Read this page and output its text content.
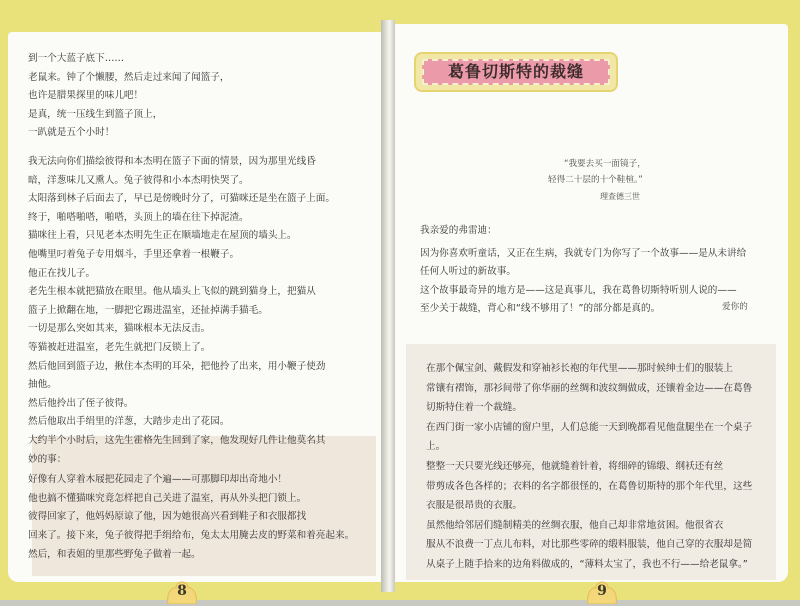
到一个大蓝子底下……
老鼠来。钟了个懒腰，然后走过来闻了闻篮子，
也许是腊果探里的味儿吧！
是真，统一压线生到篮子顶上，
一趴就是五个小时！
我无法向你们描绘彼得和本杰明在篮子下面的情景，因为那里光线昏
暗，洋葱味儿又熏人。兔子彼得和小本杰明快哭了。
太阳落到林子后面去了，早已是傍晚时分了，可猫咪还是坐在篮子上面。
终于，啪嗒啪嗒，啪嗒，头顶上的墙在往下掉泥渣。
猫咪往上看，只见老本杰明先生正在顺墙地走在屋顶的墙头上。
他嘴里叼着兔子专用烟斗，手里还拿着一根鞭子。
他正在找儿子。
老先生根本就把猫放在眼里。他从墙头上飞似的跳到猫身上，把猫从
篮子上掀翻在地，一脚把它踢进温室，还扯掉满手猫毛。
一切是那么突如其来，猫咪根本无法反击。
等猫被赶进温室，老先生就把门反锁上了。
然后他回到篮子边，揪住本杰明的耳朵，把他拎了出来，用小鞭子使劲
抽他。
然后他拎出了侄子彼得。
然后他取出手绢里的洋葱，大踏步走出了花园。
大约半个小时后，这先生霍格先生回到了家，他发现好几件让他莫名其
妙的事：
好像有人穿着木屐把花园走了个遍——可那脚印却出奇地小！
他也搞不懂猫咪究竟怎样把自己关进了温室，再从外头把门锁上。
彼得回家了，他妈妈原谅了他，因为她很高兴看到鞋子和衣服都找
回来了。接下来，兔子彼得把手绢给布，兔太太用腌去皮的野菜和着亮起来。
然后，和表姐的里那些野兔子做着一起。
葛鲁切斯特的裁缝
“我要去买一面镜子，
轻得二十层的十个鞋楦。”
理查德三世
我亲爱的弗雷迪：
因为你喜欢听童话，又正在生病，我就专门为你写了一个故事——是从未讲给
任何人听过的新故事。
这个故事最奇异的地方是——这是真事儿，我在葛鲁切斯特听别人说的——
至少关于裁缝，背心和“线不够用了！”的部分都是真的。	爱你的
在那个佩宝剑、戴假发和穿袖衫长袍的年代里——那时候绅士们的服装上
常镶有褶饰，那衫间带了你华丽的丝绸和波纹绸做成，还镶着金边——在葛鲁
切斯特住着一个裁缝。
在西门街一家小店铺的窗户里，人们总能一天到晚都看见他盘腿坐在一个桌子
上。
整整一天只要光线还够亮，他就缝着针着，将细碎的锦缎、纲袄还有丝
带剪成各色各样的；衣料的名字都很怪的，在葛鲁切斯特的那个年代里，这些
衣服是很昂贵的衣服。
虽然他给邻居们缝制精美的丝绸衣服，他自己却非常地贫困。他很省衣
服从不浪费一丁点儿布料，对比那些零碎的缎料服装，他自己穿的衣服却是简
从桌子上随手拾来的边角料做成的，“薄料太宝了，我也不行——给老鼠拿。”
8	9
